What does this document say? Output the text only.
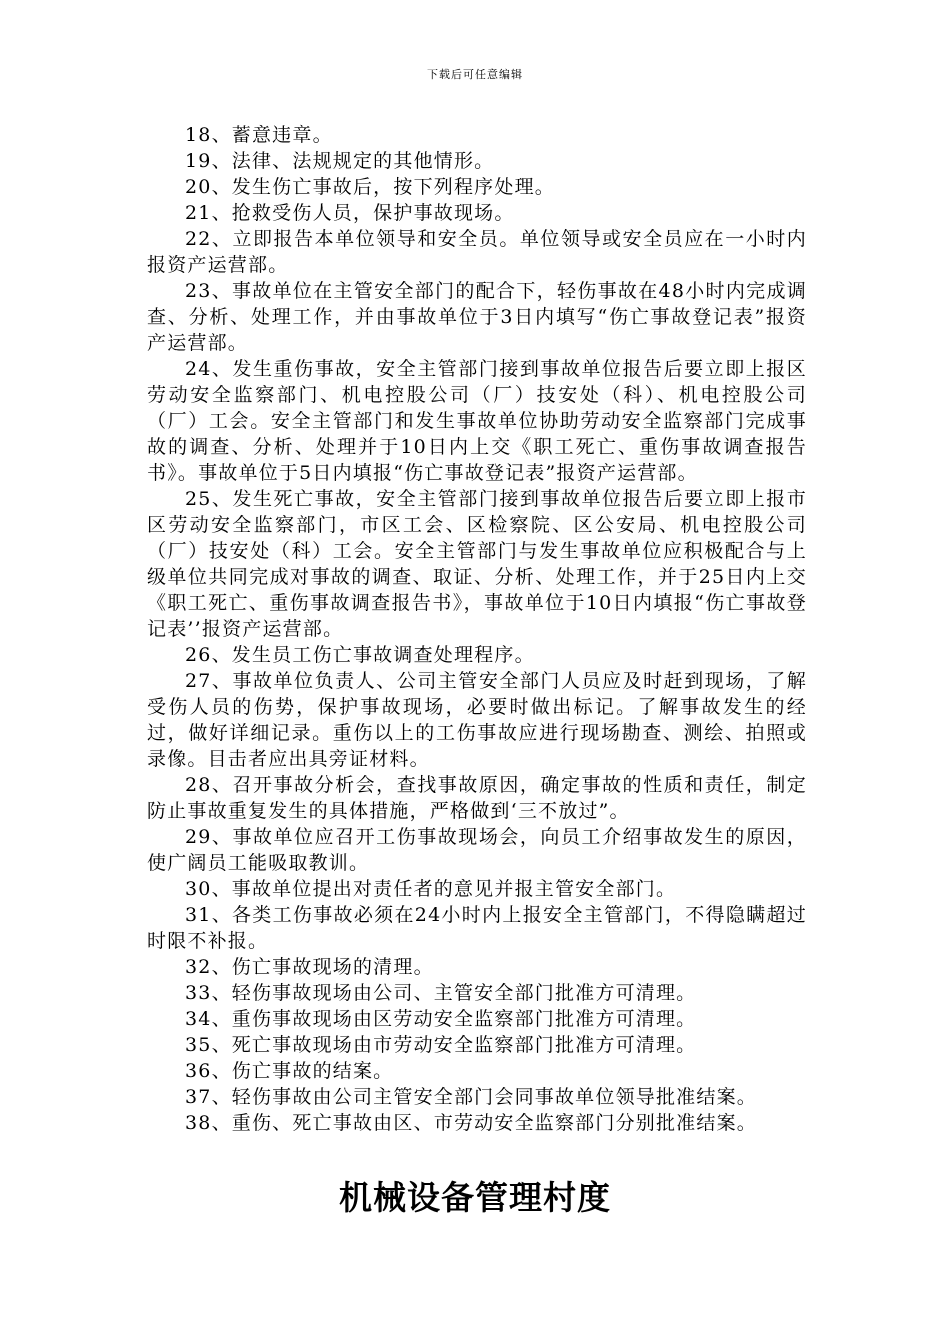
下载后可任意编辑

18、蓄意违章。

19、法律、法规规定的其他情形。

20、发生伤亡事故后，按下列程序处理。

21、抢救受伤人员，保护事故现场。

22、立即报告本单位领导和安全员。单位领导或安全员应在一小时内报资产运营部。

23、事故单位在主管安全部门的配合下，轻伤事故在48小时内完成调查、分析、处理工作，并由事故单位于3日内填写“伤亡事故登记表”报资产运营部。

24、发生重伤事故，安全主管部门接到事故单位报告后要立即上报区劳动安全监察部门、机电控股公司（厂）技安处（科）、机电控股公司（厂）工会。安全主管部门和发生事故单位协助劳动安全监察部门完成事故的调查、分析、处理并于10日内上交《职工死亡、重伤事故调查报告书》。事故单位于5日内填报“伤亡事故登记表”报资产运营部。

25、发生死亡事故，安全主管部门接到事故单位报告后要立即上报市区劳动安全监察部门，市区工会、区检察院、区公安局、机电控股公司（厂）技安处（科）工会。安全主管部门与发生事故单位应积极配合与上级单位共同完成对事故的调查、取证、分析、处理工作，并于25日内上交《职工死亡、重伤事故调查报告书》，事故单位于10日内填报“伤亡事故登记表’’报资产运营部。

26、发生员工伤亡事故调查处理程序。

27、事故单位负责人、公司主管安全部门人员应及时赶到现场，了解受伤人员的伤势，保护事故现场，必要时做出标记。了解事故发生的经过，做好详细记录。重伤以上的工伤事故应进行现场勘查、测绘、拍照或录像。目击者应出具旁证材料。

28、召开事故分析会，查找事故原因，确定事故的性质和责任，制定防止事故重复发生的具体措施，严格做到‘三不放过”。

29、事故单位应召开工伤事故现场会，向员工介绍事故发生的原因，使广阔员工能吸取教训。

30、事故单位提出对责任者的意见并报主管安全部门。

31、各类工伤事故必须在24小时内上报安全主管部门，不得隐瞒超过时限不补报。

32、伤亡事故现场的清理。

33、轻伤事故现场由公司、主管安全部门批准方可清理。

34、重伤事故现场由区劳动安全监察部门批准方可清理。

35、死亡事故现场由市劳动安全监察部门批准方可清理。

36、伤亡事故的结案。

37、轻伤事故由公司主管安全部门会同事故单位领导批准结案。

38、重伤、死亡事故由区、市劳动安全监察部门分别批准结案。

机械设备管理村度
